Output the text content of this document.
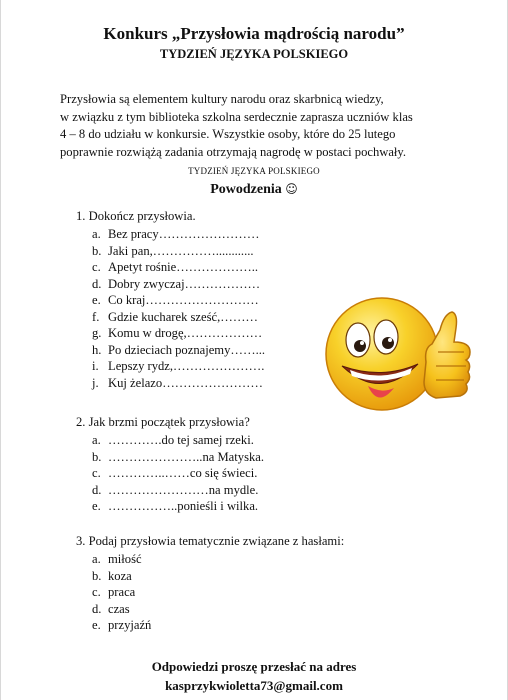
Konkurs „Przysłowia mądrością narodu”
TYDZIEŃ JĘZYKA POLSKIEGO
Przysłowia są elementem kultury narodu oraz skarbnicą wiedzy,
w związku z tym biblioteka szkolna serdecznie zaprasza uczniów klas
4 – 8 do udziału w konkursie. Wszystkie osoby, które do 25 lutego
poprawnie rozwiążą zadania otrzymają nagrodę w postaci pochwały.
TYDZIEŃ JĘZYKA POLSKIEGO
Powodzenia ☺
1. Dokończ przysłowia.
a. Bez pracy……………………
b. Jaki pan,……………............
c. Apetyt rośnie………………..
d. Dobry zwyczaj………………
e. Co kraj………………………
f. Gdzie kucharek sześć,………
g. Komu w drogę,………………
h. Po dzieciach poznajemy……...
i. Lepszy rydz,………………….
j. Kuj żelazo……………………
2. Jak brzmi początek przysłowia?
a. ………….do tej samej rzeki.
b. …………………..na Matyska.
c. …………..……co się świeci.
d. ……………………na mydle.
e. ……………..ponieśli i wilka.
3. Podaj przysłowia tematycznie związane z hasłami:
a. miłość
b. koza
c. praca
d. czas
e. przyjaźń
Odpowiedzi proszę przesłać na adres
kasprzykwioletta73@gmail.com
